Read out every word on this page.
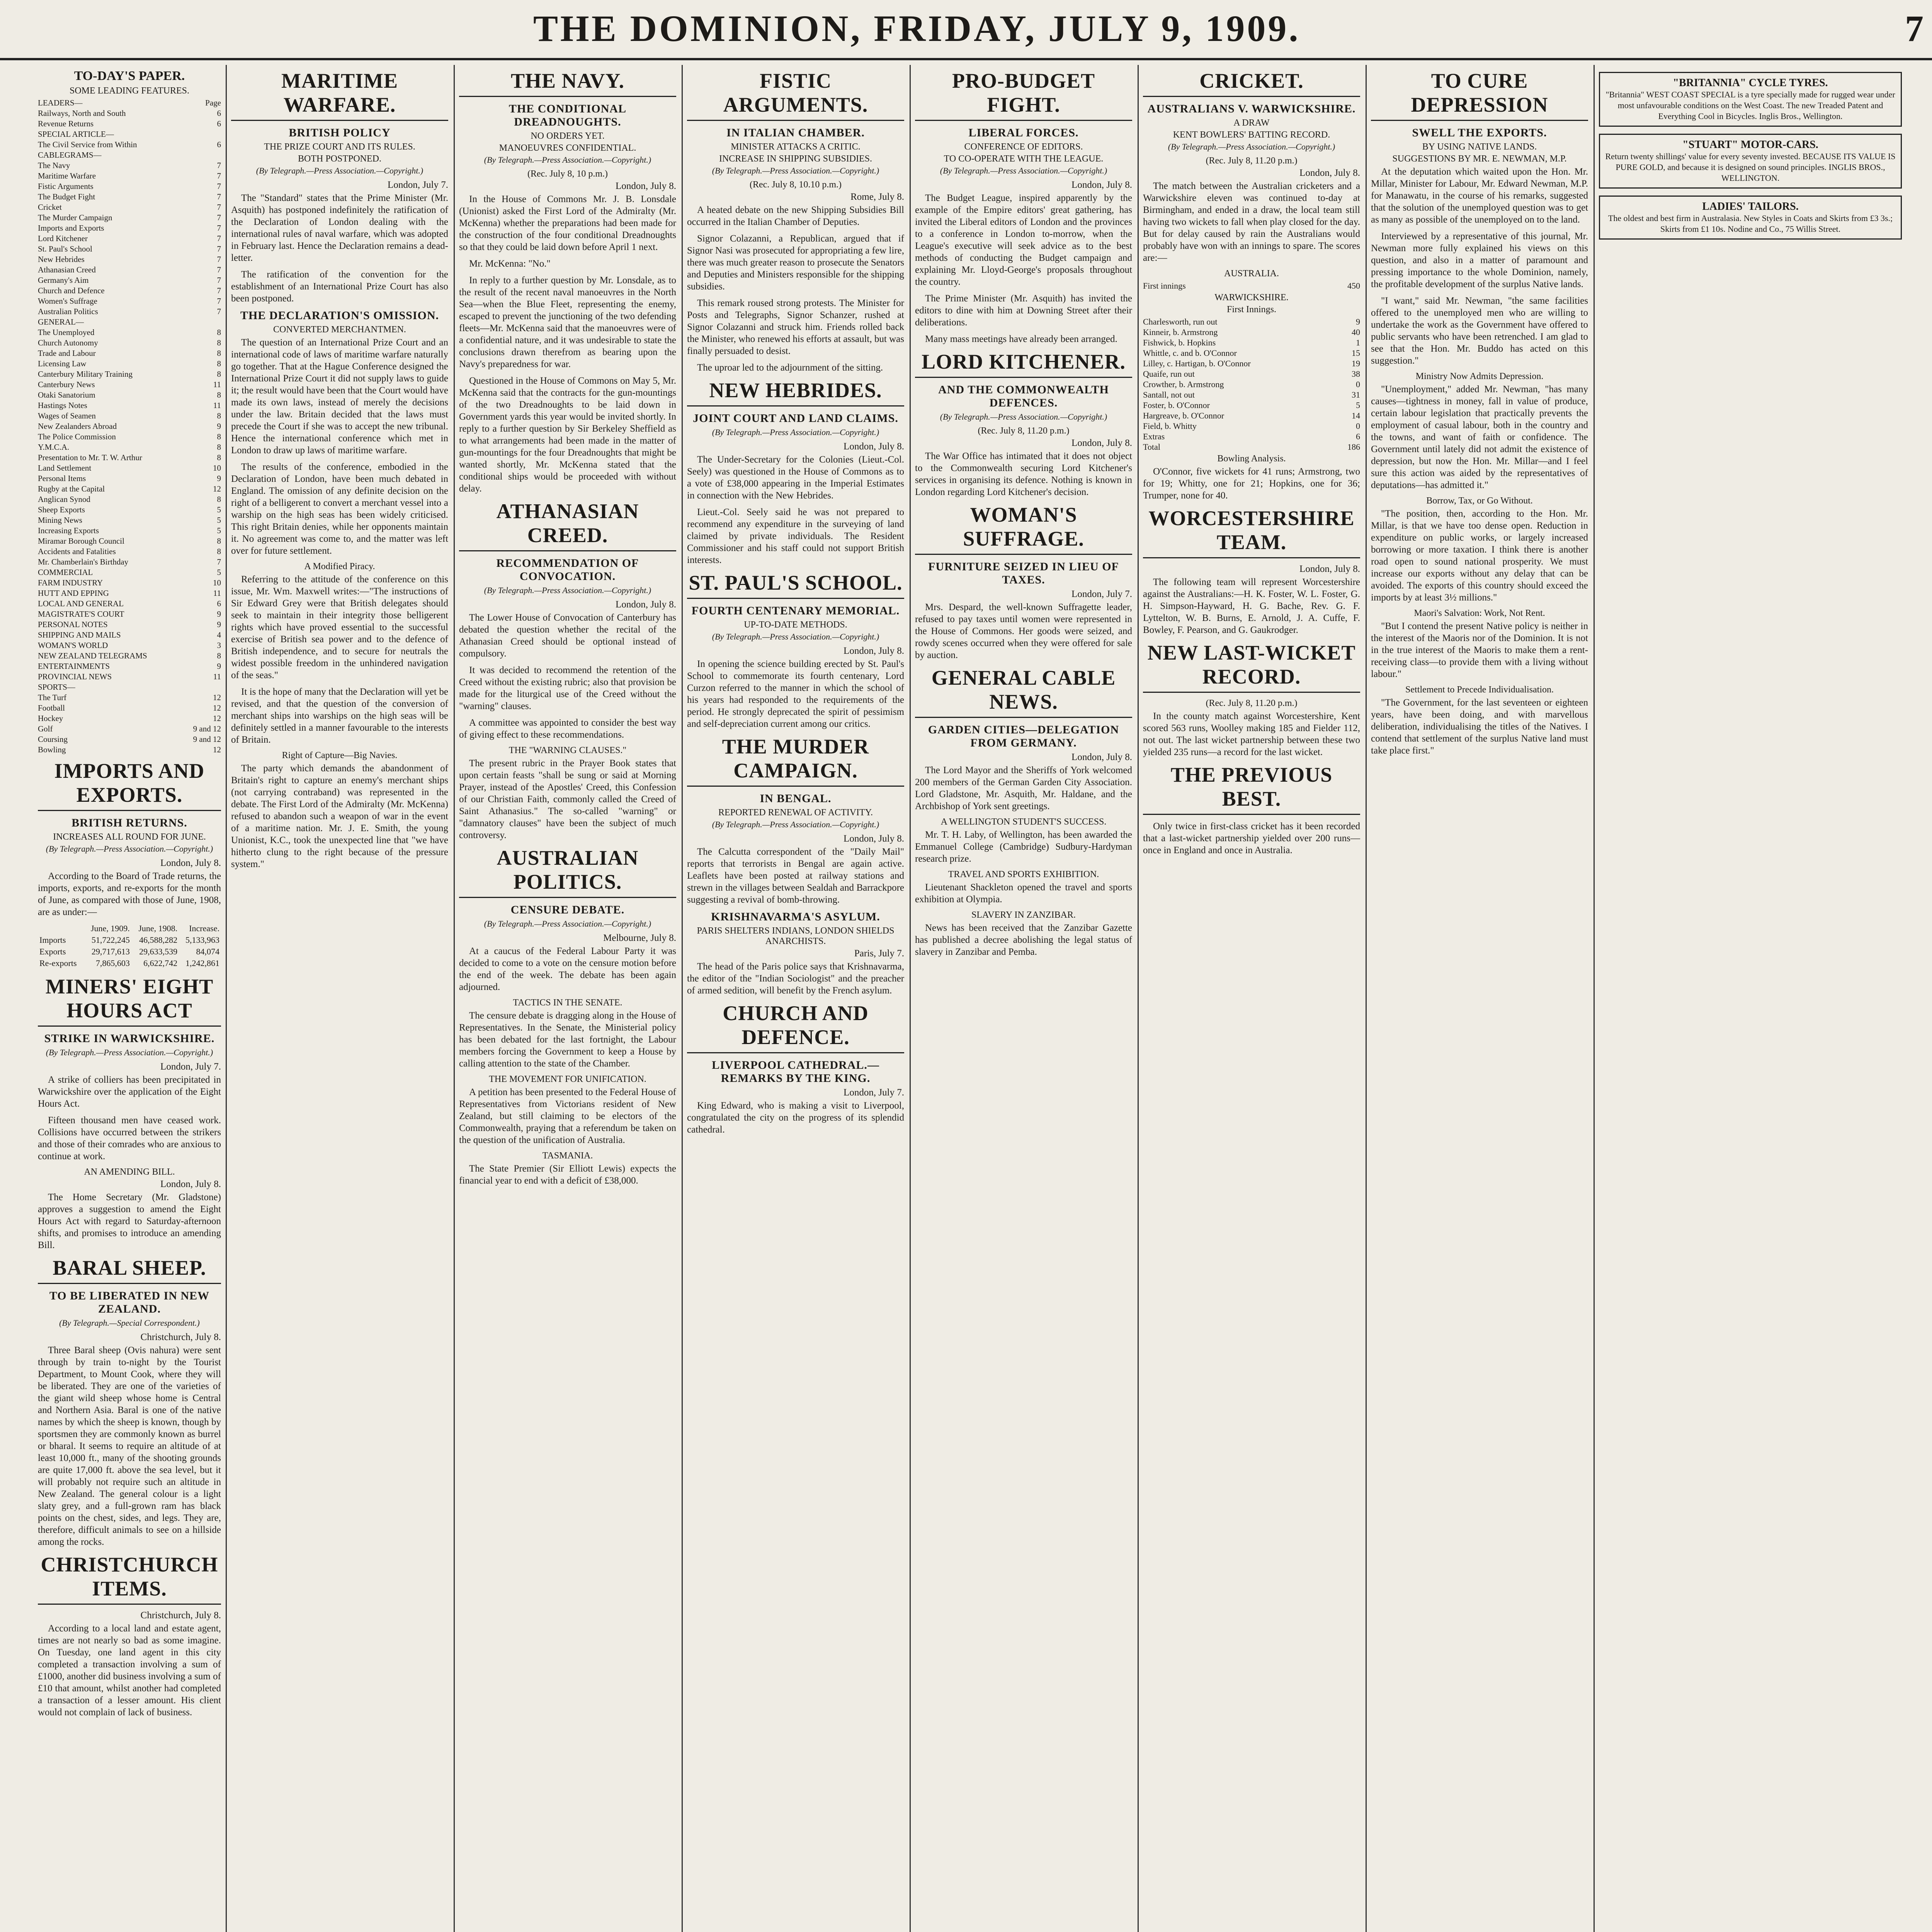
THE DOMINION, FRIDAY, JULY 9, 1909.	7
TO-DAY'S PAPER.
SOME LEADING FEATURES.
LEADERS—	Page
Railways, North and South	6
Revenue Returns	6
SPECIAL ARTICLE—
The Civil Service from Within	6
CABLEGRAMS—
The Navy	7
Maritime Warfare	7
Fistic Arguments	7
The Budget Fight	7
Cricket	7
The Murder Campaign	7
Imports and Exports	7
Lord Kitchener	7
St. Paul's School	7
New Hebrides	7
Athanasian Creed	7
Germany's Aim	7
Church and Defence	7
Women's Suffrage	7
Australian Politics	7
GENERAL—
The Unemployed	8
Church Autonomy	8
Trade and Labour	8
Licensing Law	8
Canterbury Military Training	8
Canterbury News	11
Otaki Sanatorium	8
Hastings Notes	11
Wages of Seamen	8
New Zealanders Abroad	9
The Police Commission	8
Y.M.C.A.	8
Presentation to Mr. T. W. Arthur	8
Land Settlement	10
Personal Items	9
Rugby at the Capital	12
Anglican Synod	8
Sheep Exports	5
Mining News	5
Increasing Exports	5
Miramar Borough Council	8
Accidents and Fatalities	8
Mr. Chamberlain's Birthday	7
COMMERCIAL	5
FARM INDUSTRY	10
HUTT AND EPPING	11
LOCAL AND GENERAL	6
MAGISTRATE'S COURT	9
PERSONAL NOTES	9
SHIPPING AND MAILS	4
WOMAN'S WORLD	3
NEW ZEALAND TELEGRAMS	8
ENTERTAINMENTS	9
PROVINCIAL NEWS	11
SPORTS—
The Turf	12
Football	12
Hockey	12
Golf	9 and 12
Coursing	9 and 12
Bowling	12
IMPORTS AND EXPORTS.
BRITISH RETURNS.
INCREASES ALL ROUND FOR JUNE.
(By Telegraph.—Press Association.—Copyright.)
London, July 8.

According to the Board of Trade returns, the imports, exports, and re-exports for the month of June, as compared with those of June, 1908, are as under:—

	June, 1909.	June, 1908.	Increase.
Imports	51,722,245	46,588,282	5,133,963
Exports	29,717,613	29,633,539	84,074
Re-exports	7,865,603	6,622,742	1,242,861
MINERS' EIGHT HOURS ACT
STRIKE IN WARWICKSHIRE.
(By Telegraph.—Press Association.—Copyright.)
London, July 7.

A strike of colliers has been precipitated in Warwickshire over the application of the Eight Hours Act.

Fifteen thousand men have ceased work. Collisions have occurred between the strikers and those of their comrades who are anxious to continue at work.

AN AMENDING BILL.
London, July 8.

The Home Secretary (Mr. Gladstone) approves a suggestion to amend the Eight Hours Act with regard to Saturday-afternoon shifts, and promises to introduce an amending Bill.

BARAL SHEEP.
TO BE LIBERATED IN NEW ZEALAND.
(By Telegraph.—Special Correspondent.)
Christchurch, July 8.

Three Baral sheep (Ovis nahura) were sent through by train to-night by the Tourist Department, to Mount Cook, where they will be liberated. They are one of the varieties of the giant wild sheep whose home is Central and Northern Asia. Baral is one of the native names by which the sheep is known, though by sportsmen they are commonly known as burrel or bharal. It seems to require an altitude of at least 10,000 ft., many of the shooting grounds are quite 17,000 ft. above the sea level, but it will probably not require such an altitude in New Zealand. The general colour is a light slaty grey, and a full-grown ram has black points on the chest, sides, and legs. They are, therefore, difficult animals to see on a hillside among the rocks.

CHRISTCHURCH ITEMS.
Christchurch, July 8.

According to a local land and estate agent, times are not nearly so bad as some imagine. On Tuesday, one land agent in this city completed a transaction involving a sum of £1000, another did business involving a sum of £10 that amount, whilst another had completed a transaction of a lesser amount. His client would not complain of lack of business.

MARITIME WARFARE.
BRITISH POLICY
THE PRIZE COURT AND ITS RULES.
BOTH POSTPONED.
(By Telegraph.—Press Association.—Copyright.)
London, July 7.

The "Standard" states that the Prime Minister (Mr. Asquith) has postponed indefinitely the ratification of the Declaration of London dealing with the international rules of naval warfare, which was adopted in February last. Hence the Declaration remains a dead-letter.

The ratification of the convention for the establishment of an International Prize Court has also been postponed.

THE DECLARATION'S OMISSION.
CONVERTED MERCHANTMEN.

The question of an International Prize Court and an international code of laws of maritime warfare naturally go together. That at the Hague Conference designed the International Prize Court it did not supply laws to guide it; the result would have been that the Court would have made its own laws, instead of merely the decisions under the law. Britain decided that the laws must precede the Court if she was to accept the new tribunal. Hence the international conference which met in London to draw up laws of maritime warfare.

The results of the conference, embodied in the Declaration of London, have been much debated in England. The omission of any definite decision on the right of a belligerent to convert a merchant vessel into a warship on the high seas has been widely criticised. This right Britain denies, while her opponents maintain it. No agreement was come to, and the matter was left over for future settlement.

A Modified Piracy.

Referring to the attitude of the conference on this issue, Mr. Wm. Maxwell writes:—"The instructions of Sir Edward Grey were that British delegates should seek to maintain in their integrity those belligerent rights which have proved essential to the successful exercise of British sea power and to the defence of British independence, and to secure for neutrals the widest possible freedom in the unhindered navigation of the seas."

It is the hope of many that the Declaration will yet be revised, and that the question of the conversion of merchant ships into warships on the high seas will be definitely settled in a manner favourable to the interests of Britain.

Right of Capture—Big Navies.

The party which demands the abandonment of Britain's right to capture an enemy's merchant ships (not carrying contraband) was represented in the debate. The First Lord of the Admiralty (Mr. McKenna) refused to abandon such a weapon of war in the event of a maritime nation. Mr. J. E. Smith, the young Unionist, K.C., took the unexpected line that "we have hitherto clung to the right because of the pressure system."

THE NAVY.
THE CONDITIONAL DREADNOUGHTS.
NO ORDERS YET.
MANOEUVRES CONFIDENTIAL.
(By Telegraph.—Press Association.—Copyright.)
(Rec. July 8, 10 p.m.)
London, July 8.

In the House of Commons Mr. J. B. Lonsdale (Unionist) asked the First Lord of the Admiralty (Mr. McKenna) whether the preparations had been made for the construction of the four conditional Dreadnoughts so that they could be laid down before April 1 next.

Mr. McKenna: "No."

In reply to a further question by Mr. Lonsdale, as to the result of the recent naval manoeuvres in the North Sea—when the Blue Fleet, representing the enemy, escaped to prevent the junctioning of the two defending fleets—Mr. McKenna said that the manoeuvres were of a confidential nature, and it was undesirable to state the conclusions drawn therefrom as bearing upon the Navy's preparedness for war.

Questioned in the House of Commons on May 5, Mr. McKenna said that the contracts for the gun-mountings of the two Dreadnoughts to be laid down in Government yards this year would be invited shortly. In reply to a further question by Sir Berkeley Sheffield as to what arrangements had been made in the matter of gun-mountings for the four Dreadnoughts that might be wanted shortly, Mr. McKenna stated that the conditional ships would be proceeded with without delay.

ATHANASIAN CREED.
RECOMMENDATION OF CONVOCATION.
(By Telegraph.—Press Association.—Copyright.)
London, July 8.

The Lower House of Convocation of Canterbury has debated the question whether the recital of the Athanasian Creed should be optional instead of compulsory.

It was decided to recommend the retention of the Creed without the existing rubric; also that provision be made for the liturgical use of the Creed without the "warning" clauses.

A committee was appointed to consider the best way of giving effect to these recommendations.

THE "WARNING CLAUSES."

The present rubric in the Prayer Book states that upon certain feasts "shall be sung or said at Morning Prayer, instead of the Apostles' Creed, this Confession of our Christian Faith, commonly called the Creed of Saint Athanasius." The so-called "warning" or "damnatory clauses" have been the subject of much controversy.

AUSTRALIAN POLITICS.
CENSURE DEBATE.
(By Telegraph.—Press Association.—Copyright.)
Melbourne, July 8.

At a caucus of the Federal Labour Party it was decided to come to a vote on the censure motion before the end of the week. The debate has been again adjourned.

TACTICS IN THE SENATE.

The censure debate is dragging along in the House of Representatives. In the Senate, the Ministerial policy has been debated for the last fortnight, the Labour members forcing the Government to keep a House by calling attention to the state of the Chamber.

THE MOVEMENT FOR UNIFICATION.

A petition has been presented to the Federal House of Representatives from Victorians resident of New Zealand, but still claiming to be electors of the Commonwealth, praying that a referendum be taken on the question of the unification of Australia.

TASMANIA.

The State Premier (Sir Elliott Lewis) expects the financial year to end with a deficit of £38,000.

FISTIC ARGUMENTS.
IN ITALIAN CHAMBER.
MINISTER ATTACKS A CRITIC.
INCREASE IN SHIPPING SUBSIDIES.
(By Telegraph.—Press Association.—Copyright.)
(Rec. July 8, 10.10 p.m.)
Rome, July 8.

A heated debate on the new Shipping Subsidies Bill occurred in the Italian Chamber of Deputies.

Signor Colazanni, a Republican, argued that if Signor Nasi was prosecuted for appropriating a few lire, there was much greater reason to prosecute the Senators and Deputies and Ministers responsible for the shipping subsidies.

This remark roused strong protests. The Minister for Posts and Telegraphs, Signor Schanzer, rushed at Signor Colazanni and struck him. Friends rolled back the Minister, who renewed his efforts at assault, but was finally persuaded to desist.

The uproar led to the adjournment of the sitting.

NEW HEBRIDES.
JOINT COURT AND LAND CLAIMS.
(By Telegraph.—Press Association.—Copyright.)
London, July 8.

The Under-Secretary for the Colonies (Lieut.-Col. Seely) was questioned in the House of Commons as to a vote of £38,000 appearing in the Imperial Estimates in connection with the New Hebrides.

Lieut.-Col. Seely said he was not prepared to recommend any expenditure in the surveying of land claimed by private individuals. The Resident Commissioner and his staff could not support British interests.

ST. PAUL'S SCHOOL.
FOURTH CENTENARY MEMORIAL.
UP-TO-DATE METHODS.
(By Telegraph.—Press Association.—Copyright.)
London, July 8.

In opening the science building erected by St. Paul's School to commemorate its fourth centenary, Lord Curzon referred to the manner in which the school of his years had responded to the requirements of the period. He strongly deprecated the spirit of pessimism and self-depreciation current among our critics.

THE MURDER CAMPAIGN.
IN BENGAL.
REPORTED RENEWAL OF ACTIVITY.
(By Telegraph.—Press Association.—Copyright.)
London, July 8.

The Calcutta correspondent of the "Daily Mail" reports that terrorists in Bengal are again active. Leaflets have been posted at railway stations and strewn in the villages between Sealdah and Barrackpore suggesting a revival of bomb-throwing.

KRISHNAVARMA'S ASYLUM.
PARIS SHELTERS INDIANS, LONDON SHIELDS ANARCHISTS.
Paris, July 7.

The head of the Paris police says that Krishnavarma, the editor of the "Indian Sociologist" and the preacher of armed sedition, will benefit by the French asylum.

CHURCH AND DEFENCE.
LIVERPOOL CATHEDRAL.—REMARKS BY THE KING.
London, July 7.

King Edward, who is making a visit to Liverpool, congratulated the city on the progress of its splendid cathedral.

PRO-BUDGET FIGHT.
LIBERAL FORCES.
CONFERENCE OF EDITORS.
TO CO-OPERATE WITH THE LEAGUE.
(By Telegraph.—Press Association.—Copyright.)
London, July 8.

The Budget League, inspired apparently by the example of the Empire editors' great gathering, has invited the Liberal editors of London and the provinces to a conference in London to-morrow, when the League's executive will seek advice as to the best methods of conducting the Budget campaign and explaining Mr. Lloyd-George's proposals throughout the country.

The Prime Minister (Mr. Asquith) has invited the editors to dine with him at Downing Street after their deliberations.

Many mass meetings have already been arranged.

LORD KITCHENER.
AND THE COMMONWEALTH DEFENCES.
(By Telegraph.—Press Association.—Copyright.)
(Rec. July 8, 11.20 p.m.)
London, July 8.

The War Office has intimated that it does not object to the Commonwealth securing Lord Kitchener's services in organising its defence. Nothing is known in London regarding Lord Kitchener's decision.

WOMAN'S SUFFRAGE.
FURNITURE SEIZED IN LIEU OF TAXES.
London, July 7.

Mrs. Despard, the well-known Suffragette leader, refused to pay taxes until women were represented in the House of Commons. Her goods were seized, and rowdy scenes occurred when they were offered for sale by auction.

GENERAL CABLE NEWS.
GARDEN CITIES—DELEGATION FROM GERMANY.
London, July 8.

The Lord Mayor and the Sheriffs of York welcomed 200 members of the German Garden City Association. Lord Gladstone, Mr. Asquith, Mr. Haldane, and the Archbishop of York sent greetings.

A WELLINGTON STUDENT'S SUCCESS.

Mr. T. H. Laby, of Wellington, has been awarded the Emmanuel College (Cambridge) Sudbury-Hardyman research prize.

TRAVEL AND SPORTS EXHIBITION.

Lieutenant Shackleton opened the travel and sports exhibition at Olympia.

SLAVERY IN ZANZIBAR.

News has been received that the Zanzibar Gazette has published a decree abolishing the legal status of slavery in Zanzibar and Pemba.

CRICKET.
AUSTRALIANS V. WARWICKSHIRE.
A DRAW
KENT BOWLERS' BATTING RECORD.
(By Telegraph.—Press Association.—Copyright.)
(Rec. July 8, 11.20 p.m.)
London, July 8.

The match between the Australian cricketers and a Warwickshire eleven was continued to-day at Birmingham, and ended in a draw, the local team still having two wickets to fall when play closed for the day. But for delay caused by rain the Australians would probably have won with an innings to spare. The scores are:—

AUSTRALIA.
First innings	450
WARWICKSHIRE.
First Innings.
Charlesworth, run out	9
Kinneir, b. Armstrong	40
Fishwick, b. Hopkins	1
Whittle, c. and b. O'Connor	15
Lilley, c. Hartigan, b. O'Connor	19
Quaife, run out	38
Crowther, b. Armstrong	0
Santall, not out	31
Foster, b. O'Connor	5
Hargreave, b. O'Connor	14
Field, b. Whitty	0
Extras	6
Total	186
Bowling Analysis.

O'Connor, five wickets for 41 runs; Armstrong, two for 19; Whitty, one for 21; Hopkins, one for 36; Trumper, none for 40.

WORCESTERSHIRE TEAM.
London, July 8.

The following team will represent Worcestershire against the Australians:—H. K. Foster, W. L. Foster, G. H. Simpson-Hayward, H. G. Bache, Rev. G. F. Lyttelton, W. B. Burns, E. Arnold, J. A. Cuffe, F. Bowley, F. Pearson, and G. Gaukrodger.

NEW LAST-WICKET RECORD.
(Rec. July 8, 11.20 p.m.)

In the county match against Worcestershire, Kent scored 563 runs, Woolley making 185 and Fielder 112, not out. The last wicket partnership between these two yielded 235 runs—a record for the last wicket.

THE PREVIOUS BEST.

Only twice in first-class cricket has it been recorded that a last-wicket partnership yielded over 200 runs—once in England and once in Australia.

TO CURE DEPRESSION
SWELL THE EXPORTS.
BY USING NATIVE LANDS.
SUGGESTIONS BY MR. E. NEWMAN, M.P.

At the deputation which waited upon the Hon. Mr. Millar, Minister for Labour, Mr. Edward Newman, M.P. for Manawatu, in the course of his remarks, suggested that the solution of the unemployed question was to get as many as possible of the unemployed on to the land.

Interviewed by a representative of this journal, Mr. Newman more fully explained his views on this question, and also in a matter of paramount and pressing importance to the whole Dominion, namely, the profitable development of the surplus Native lands.

"I want," said Mr. Newman, "the same facilities offered to the unemployed men who are willing to undertake the work as the Government have offered to public servants who have been retrenched. I am glad to see that the Hon. Mr. Buddo has acted on this suggestion."

Ministry Now Admits Depression.

"Unemployment," added Mr. Newman, "has many causes—tightness in money, fall in value of produce, certain labour legislation that practically prevents the employment of casual labour, both in the country and the towns, and want of faith or confidence. The Government until lately did not admit the existence of depression, but now the Hon. Mr. Millar—and I feel sure this action was aided by the representatives of deputations—has admitted it."

Borrow, Tax, or Go Without.

"The position, then, according to the Hon. Mr. Millar, is that we have too dense open. Reduction in expenditure on public works, or largely increased borrowing or more taxation. I think there is another road open to sound national prosperity. We must increase our exports without any delay that can be avoided. The exports of this country should exceed the imports by at least 3½ millions."

Maori's Salvation: Work, Not Rent.

"But I contend the present Native policy is neither in the interest of the Maoris nor of the Dominion. It is not in the true interest of the Maoris to make them a rent-receiving class—to provide them with a living without labour."

Settlement to Precede Individualisation.

"The Government, for the last seventeen or eighteen years, have been doing, and with marvellous deliberation, individualising the titles of the Natives. I contend that settlement of the surplus Native land must take place first."

"BRITANNIA" CYCLE TYRES.
"Britannia" WEST COAST SPECIAL is a tyre specially made for rugged wear under most unfavourable conditions on the West Coast. The new Treaded Patent and Everything Cool in Bicycles. Inglis Bros., Wellington.
"STUART" MOTOR-CARS.
Return twenty shillings' value for every seventy invested. BECAUSE ITS VALUE IS PURE GOLD, and because it is designed on sound principles. INGLIS BROS., WELLINGTON.
LADIES' TAILORS.
The oldest and best firm in Australasia. New Styles in Coats and Skirts from £3 3s.; Skirts from £1 10s. Nodine and Co., 75 Willis Street.
